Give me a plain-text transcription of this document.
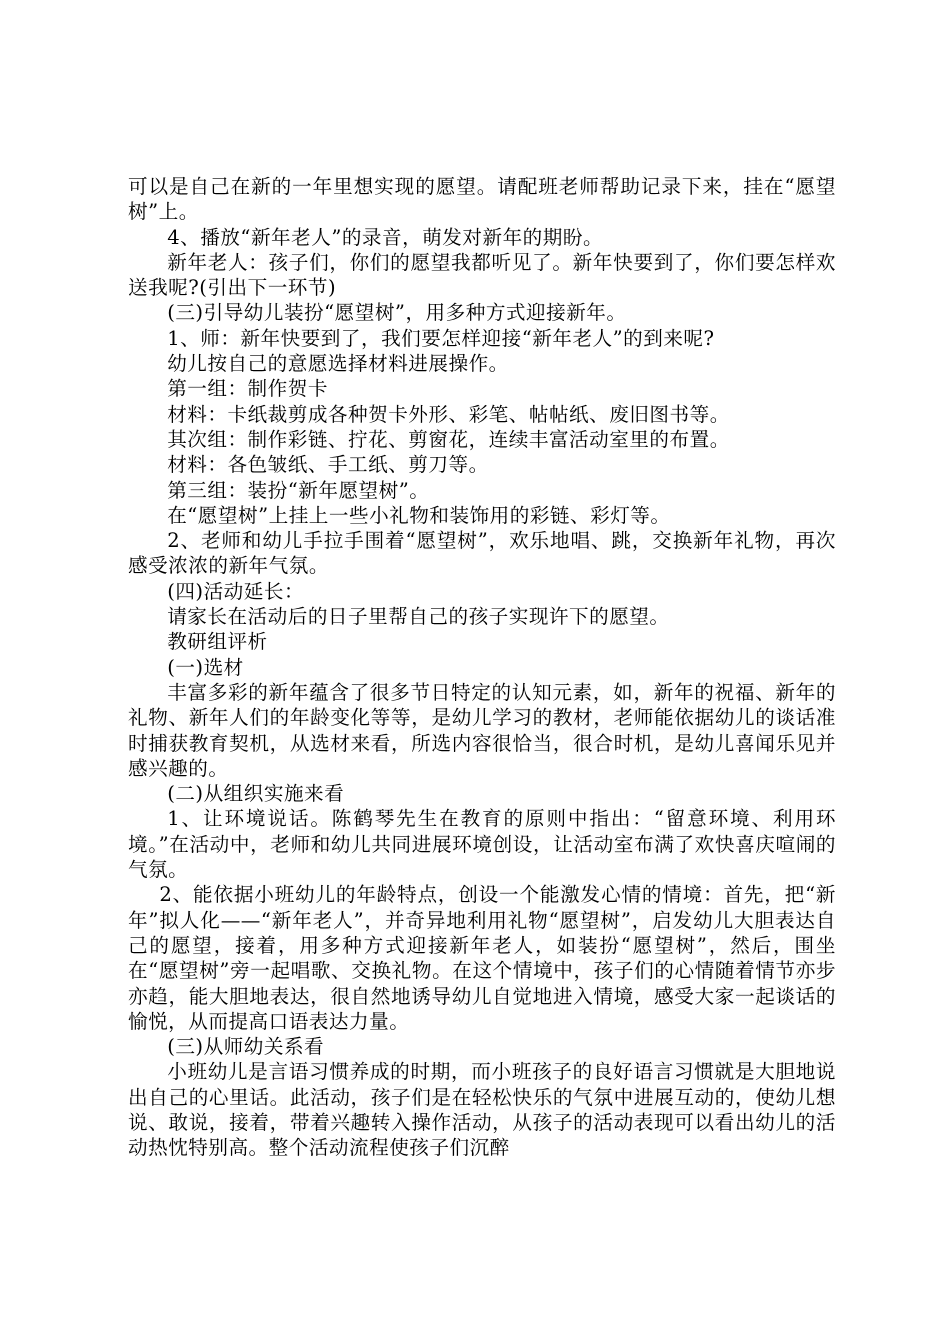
可以是自己在新的一年里想实现的愿望。请配班老师帮助记录下来，挂在“愿望树”上。

4、播放“新年老人”的录音，萌发对新年的期盼。

新年老人：孩子们，你们的愿望我都听见了。新年快要到了，你们要怎样欢送我呢?(引出下一环节)

(三)引导幼儿装扮“愿望树”，用多种方式迎接新年。

1、师：新年快要到了，我们要怎样迎接“新年老人”的到来呢?

幼儿按自己的意愿选择材料进展操作。

第一组：制作贺卡

材料：卡纸裁剪成各种贺卡外形、彩笔、帖帖纸、废旧图书等。

其次组：制作彩链、拧花、剪窗花，连续丰富活动室里的布置。

材料：各色皱纸、手工纸、剪刀等。

第三组：装扮“新年愿望树”。

在“愿望树”上挂上一些小礼物和装饰用的彩链、彩灯等。

2、老师和幼儿手拉手围着“愿望树”，欢乐地唱、跳，交换新年礼物，再次感受浓浓的新年气氛。

(四)活动延长：

请家长在活动后的日子里帮自己的孩子实现许下的愿望。

教研组评析

(一)选材

丰富多彩的新年蕴含了很多节日特定的认知元素，如，新年的祝福、新年的礼物、新年人们的年龄变化等等，是幼儿学习的教材，老师能依据幼儿的谈话准时捕获教育契机，从选材来看，所选内容很恰当，很合时机，是幼儿喜闻乐见并感兴趣的。

(二)从组织实施来看

1、让环境说话。陈鹤琴先生在教育的原则中指出：“留意环境、利用环境。”在活动中，老师和幼儿共同进展环境创设，让活动室布满了欢快喜庆喧闹的气氛。

2、能依据小班幼儿的年龄特点，创设一个能激发心情的情境：首先，把“新年”拟人化——“新年老人”，并奇异地利用礼物“愿望树”，启发幼儿大胆表达自己的愿望，接着，用多种方式迎接新年老人，如装扮“愿望树”，然后，围坐在“愿望树”旁一起唱歌、交换礼物。在这个情境中，孩子们的心情随着情节亦步亦趋，能大胆地表达，很自然地诱导幼儿自觉地进入情境，感受大家一起谈话的愉悦，从而提高口语表达力量。

(三)从师幼关系看

小班幼儿是言语习惯养成的时期，而小班孩子的良好语言习惯就是大胆地说出自己的心里话。此活动，孩子们是在轻松快乐的气氛中进展互动的，使幼儿想说、敢说，接着，带着兴趣转入操作活动，从孩子的活动表现可以看出幼儿的活动热忱特别高。整个活动流程使孩子们沉醉
